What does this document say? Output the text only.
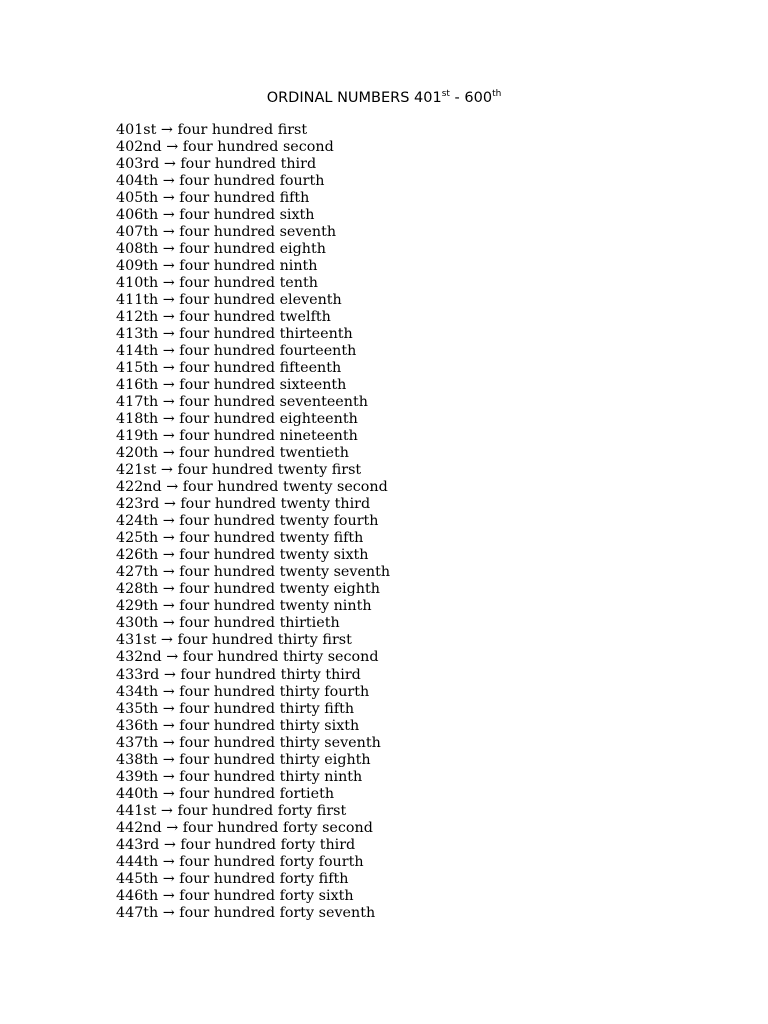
ORDINAL NUMBERS 401st - 600th
401st → four hundred first
402nd → four hundred second
403rd → four hundred third
404th → four hundred fourth
405th → four hundred fifth
406th → four hundred sixth
407th → four hundred seventh
408th → four hundred eighth
409th → four hundred ninth
410th → four hundred tenth
411th → four hundred eleventh
412th → four hundred twelfth
413th → four hundred thirteenth
414th → four hundred fourteenth
415th → four hundred fifteenth
416th → four hundred sixteenth
417th → four hundred seventeenth
418th → four hundred eighteenth
419th → four hundred nineteenth
420th → four hundred twentieth
421st → four hundred twenty first
422nd → four hundred twenty second
423rd → four hundred twenty third
424th → four hundred twenty fourth
425th → four hundred twenty fifth
426th → four hundred twenty sixth
427th → four hundred twenty seventh
428th → four hundred twenty eighth
429th → four hundred twenty ninth
430th → four hundred thirtieth
431st → four hundred thirty first
432nd → four hundred thirty second
433rd → four hundred thirty third
434th → four hundred thirty fourth
435th → four hundred thirty fifth
436th → four hundred thirty sixth
437th → four hundred thirty seventh
438th → four hundred thirty eighth
439th → four hundred thirty ninth
440th → four hundred fortieth
441st → four hundred forty first
442nd → four hundred forty second
443rd → four hundred forty third
444th → four hundred forty fourth
445th → four hundred forty fifth
446th → four hundred forty sixth
447th → four hundred forty seventh
